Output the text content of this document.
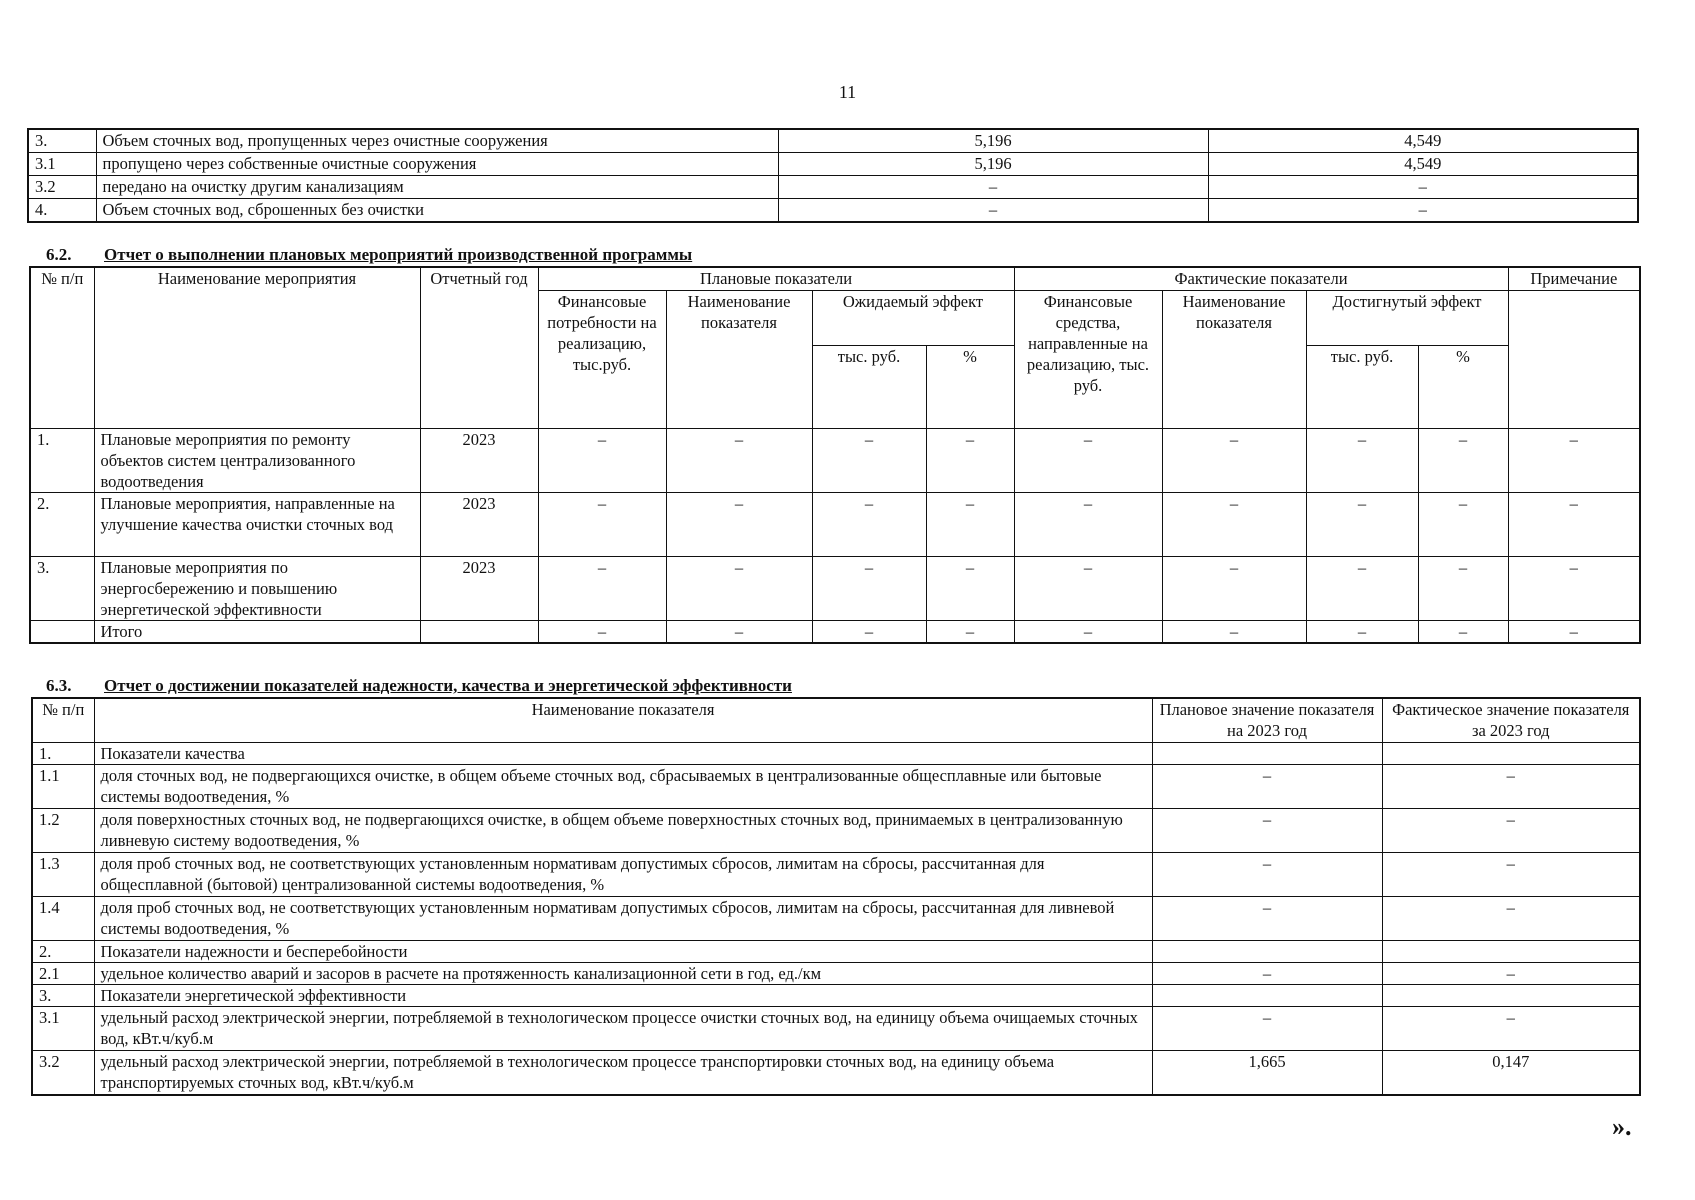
11
3.	Объем сточных вод, пропущенных через очистные сооружения	5,196	4,549
3.1	пропущено через собственные очистные сооружения	5,196	4,549
3.2	передано на очистку другим канализациям	–	–
4.	Объем сточных вод, сброшенных без очистки	–	–
6.2. Отчет о выполнении плановых мероприятий производственной программы
№ п/п	Наименование мероприятия	Отчетный год	Плановые показатели				Фактические показатели				Примечание
			Финансовые потребности на реализацию, тыс.руб.	Наименование показателя	Ожидаемый эффект		Финансовые средства, направленные на реализацию, тыс. руб.	Наименование показателя	Достигнутый эффект		
					тыс. руб.	%			тыс. руб.	%	
1.	Плановые мероприятия по ремонту объектов систем централизованного водоотведения	2023	–	–	–	–	–	–	–	–	–
2.	Плановые мероприятия, направленные на улучшение качества очистки сточных вод	2023	–	–	–	–	–	–	–	–	–
3.	Плановые мероприятия по энергосбережению и повышению энергетической эффективности	2023	–	–	–	–	–	–	–	–	–
	Итого		–	–	–	–	–	–	–	–	–
6.3. Отчет о достижении показателей надежности, качества и энергетической эффективности
№ п/п	Наименование показателя	Плановое значение показателя на 2023 год	Фактическое значение показателя за 2023 год
1.	Показатели качества		
1.1	доля сточных вод, не подвергающихся очистке, в общем объеме сточных вод, сбрасываемых в централизованные общесплавные или бытовые системы водоотведения, %	–	–
1.2	доля поверхностных сточных вод, не подвергающихся очистке, в общем объеме поверхностных сточных вод, принимаемых в централизованную ливневую систему водоотведения, %	–	–
1.3	доля проб сточных вод, не соответствующих установленным нормативам допустимых сбросов, лимитам на сбросы, рассчитанная для общесплавной (бытовой) централизованной системы водоотведения, %	–	–
1.4	доля проб сточных вод, не соответствующих установленным нормативам допустимых сбросов, лимитам на сбросы, рассчитанная для ливневой системы водоотведения, %	–	–
2.	Показатели надежности и бесперебойности		
2.1	удельное количество аварий и засоров в расчете на протяженность канализационной сети в год, ед./км	–	–
3.	Показатели энергетической эффективности		
3.1	удельный расход электрической энергии, потребляемой в технологическом процессе очистки сточных вод, на единицу объема очищаемых сточных вод, кВт.ч/куб.м	–	–
3.2	удельный расход электрической энергии, потребляемой в технологическом процессе транспортировки сточных вод, на единицу объема транспортируемых сточных вод, кВт.ч/куб.м	1,665	0,147
».
